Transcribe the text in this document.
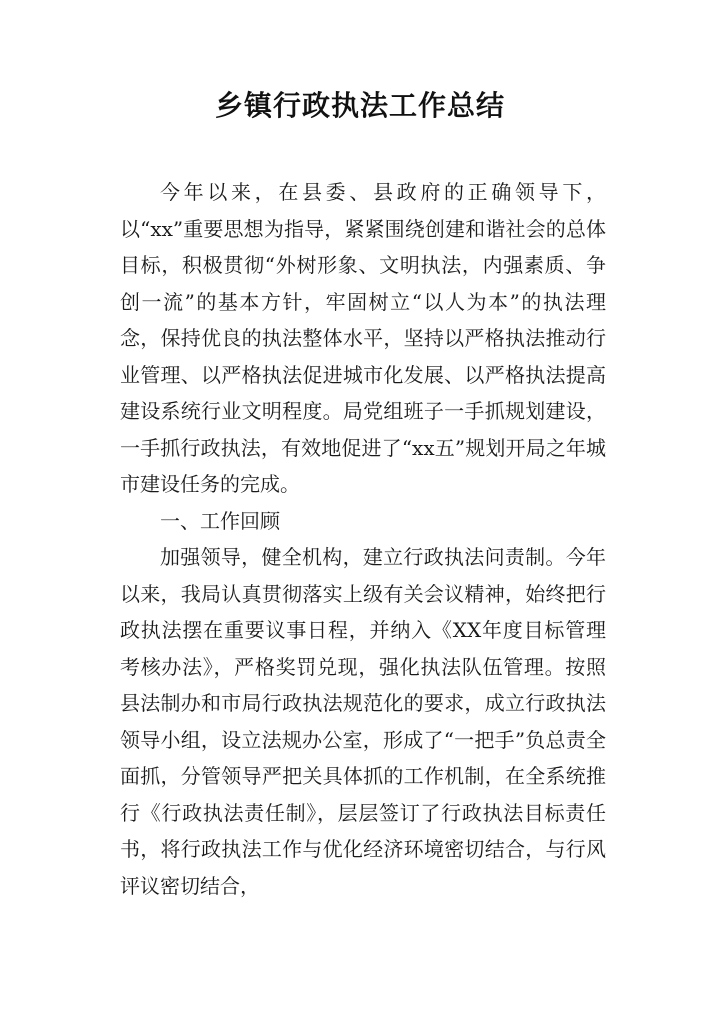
乡镇行政执法工作总结

今年以来，在县委、县政府的正确领导下，以“xx”重要思想为指导，紧紧围绕创建和谐社会的总体目标，积极贯彻“外树形象、文明执法，内强素质、争创一流”的基本方针，牢固树立“以人为本”的执法理念，保持优良的执法整体水平，坚持以严格执法推动行业管理、以严格执法促进城市化发展、以严格执法提高建设系统行业文明程度。局党组班子一手抓规划建设，一手抓行政执法，有效地促进了“xx五”规划开局之年城市建设任务的完成。

一、工作回顾

加强领导，健全机构，建立行政执法问责制。今年以来，我局认真贯彻落实上级有关会议精神，始终把行政执法摆在重要议事日程，并纳入《XX年度目标管理考核办法》，严格奖罚兑现，强化执法队伍管理。按照县法制办和市局行政执法规范化的要求，成立行政执法领导小组，设立法规办公室，形成了“一把手”负总责全面抓，分管领导严把关具体抓的工作机制，在全系统推行《行政执法责任制》，层层签订了行政执法目标责任书，将行政执法工作与优化经济环境密切结合，与行风评议密切结合，
